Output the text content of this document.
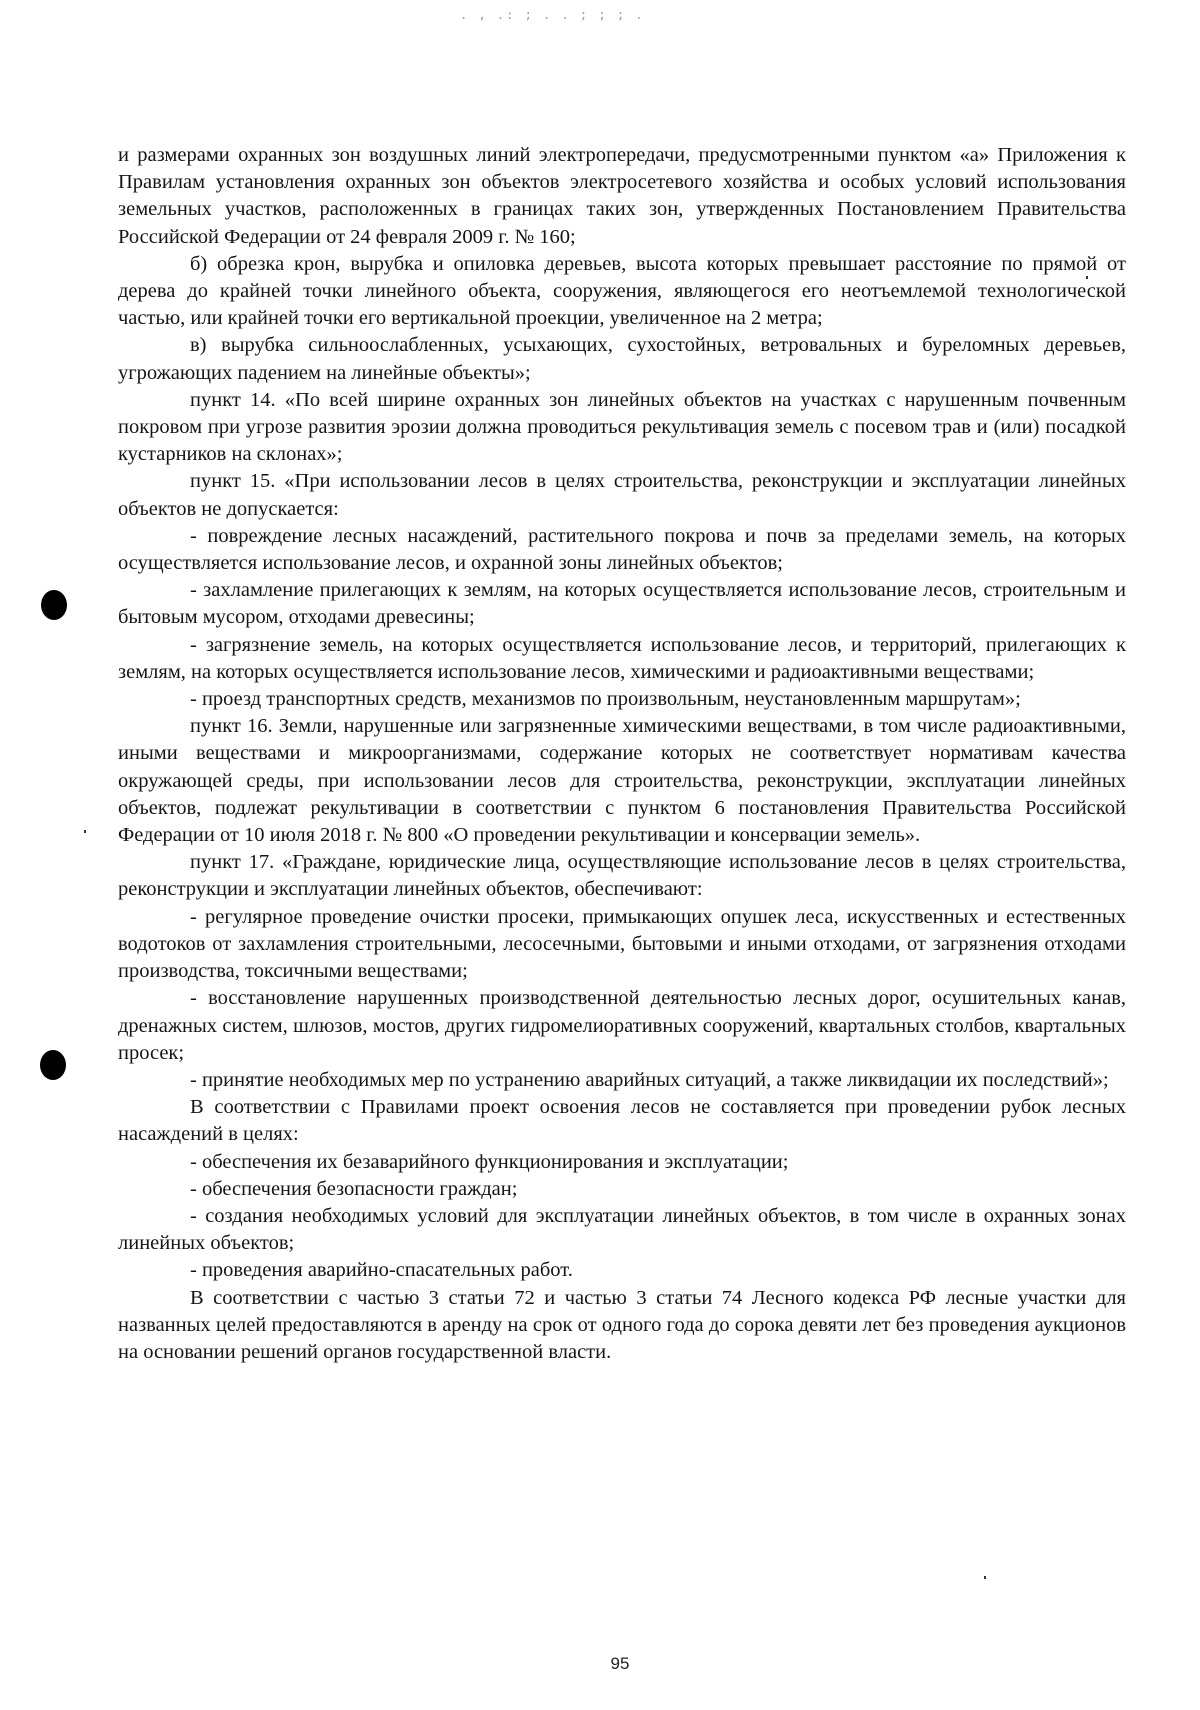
. , .: ; . . ; ; ; .

и размерами охранных зон воздушных линий электропередачи, предусмотренными пунктом «а» Приложения к Правилам установления охранных зон объектов электросетевого хозяйства и особых условий использования земельных участков, расположенных в границах таких зон, утвержденных Постановлением Правительства Российской Федерации от 24 февраля 2009 г. № 160;

б) обрезка крон, вырубка и опиловка деревьев, высота которых превышает расстояние по прямой от дерева до крайней точки линейного объекта, сооружения, являющегося его неотъемлемой технологической частью, или крайней точки его вертикальной проекции, увеличенное на 2 метра;

в) вырубка сильноослабленных, усыхающих, сухостойных, ветровальных и буреломных деревьев, угрожающих падением на линейные объекты»;

пункт 14. «По всей ширине охранных зон линейных объектов на участках с нарушенным почвенным покровом при угрозе развития эрозии должна проводиться рекультивация земель с посевом трав и (или) посадкой кустарников на склонах»;

пункт 15. «При использовании лесов в целях строительства, реконструкции и эксплуатации линейных объектов не допускается:

- повреждение лесных насаждений, растительного покрова и почв за пределами земель, на которых осуществляется использование лесов, и охранной зоны линейных объектов;

- захламление прилегающих к землям, на которых осуществляется использование лесов, строительным и бытовым мусором, отходами древесины;

- загрязнение земель, на которых осуществляется использование лесов, и территорий, прилегающих к землям, на которых осуществляется использование лесов, химическими и радиоактивными веществами;

- проезд транспортных средств, механизмов по произвольным, неустановленным маршрутам»;

пункт 16. Земли, нарушенные или загрязненные химическими веществами, в том числе радиоактивными, иными веществами и микроорганизмами, содержание которых не соответствует нормативам качества окружающей среды, при использовании лесов для строительства, реконструкции, эксплуатации линейных объектов, подлежат рекультивации в соответствии с пунктом 6 постановления Правительства Российской Федерации от 10 июля 2018 г. № 800 «О проведении рекультивации и консервации земель».

пункт 17. «Граждане, юридические лица, осуществляющие использование лесов в целях строительства, реконструкции и эксплуатации линейных объектов, обеспечивают:

- регулярное проведение очистки просеки, примыкающих опушек леса, искусственных и естественных водотоков от захламления строительными, лесосечными, бытовыми и иными отходами, от загрязнения отходами производства, токсичными веществами;

- восстановление нарушенных производственной деятельностью лесных дорог, осушительных канав, дренажных систем, шлюзов, мостов, других гидромелиоративных сооружений, квартальных столбов, квартальных просек;

- принятие необходимых мер по устранению аварийных ситуаций, а также ликвидации их последствий»;

В соответствии с Правилами проект освоения лесов не составляется при проведении рубок лесных насаждений в целях:

- обеспечения их безаварийного функционирования и эксплуатации;

- обеспечения безопасности граждан;

- создания необходимых условий для эксплуатации линейных объектов, в том числе в охранных зонах линейных объектов;

- проведения аварийно-спасательных работ.

В соответствии с частью 3 статьи 72 и частью 3 статьи 74 Лесного кодекса РФ лесные участки для названных целей предоставляются в аренду на срок от одного года до сорока девяти лет без проведения аукционов на основании решений органов государственной власти.

95
